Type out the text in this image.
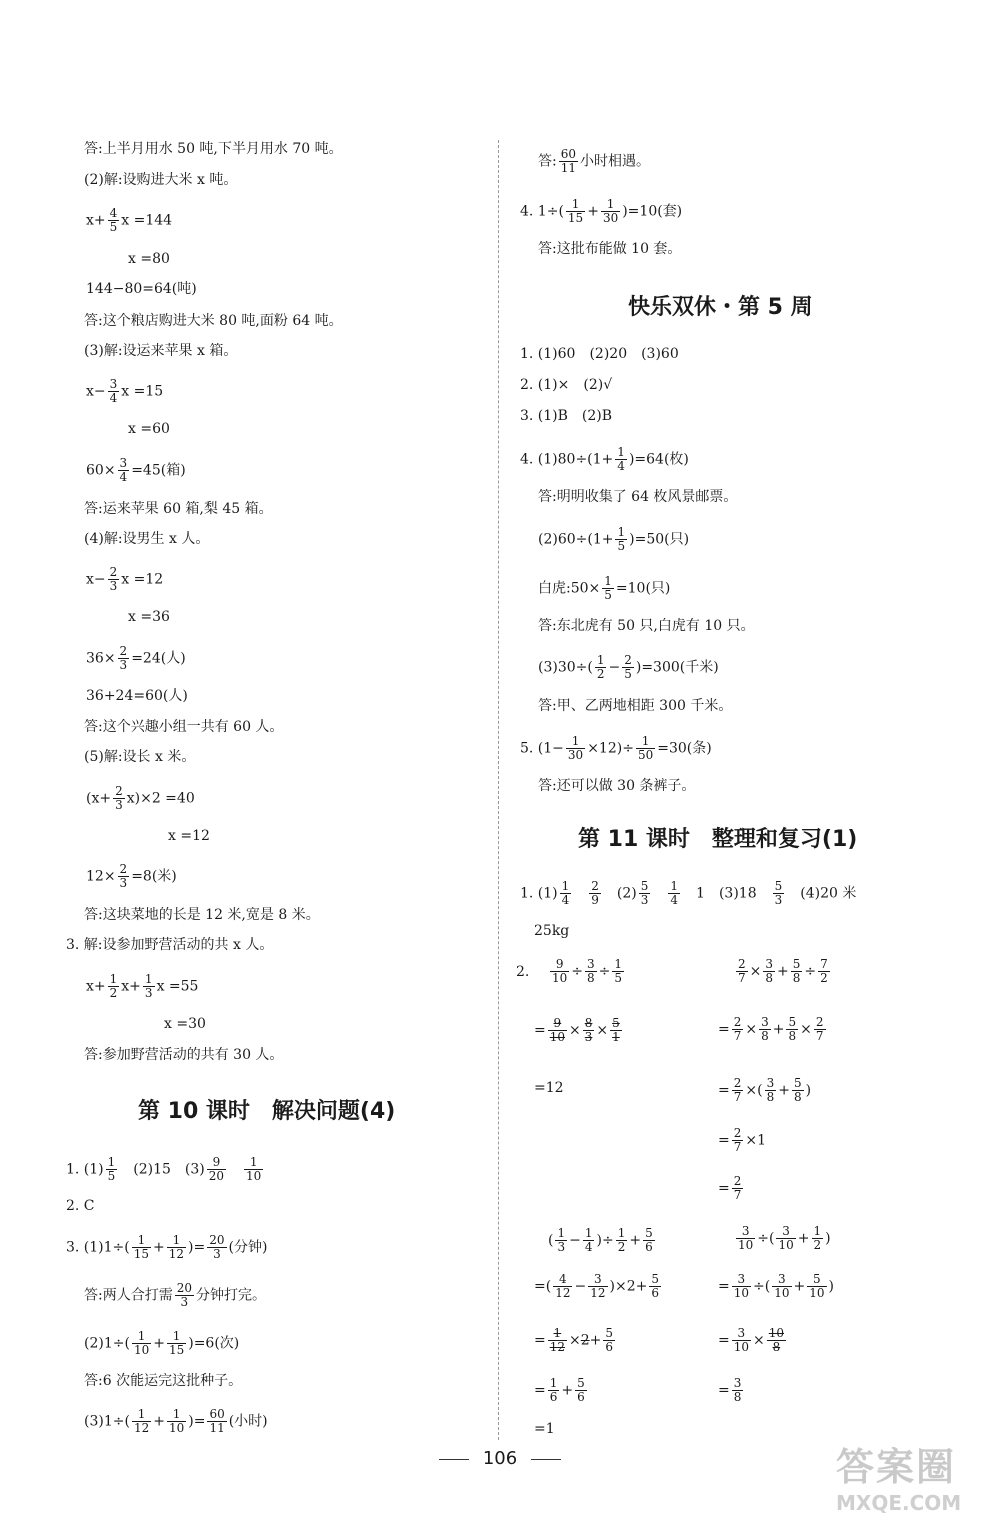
答:上半月用水 50 吨,下半月用水 70 吨。
(2)解:设购进大米 x 吨。
$x+ \frac{4}{5}$ x =144
x =80
144−80=64(吨)
答:这个粮店购进大米 80 吨,面粉 64 吨。
(3)解:设运来苹果 x 箱。
$x- \frac{3}{4}$ x =15
x =60
$60\times \frac{3}{4} =45$(箱)
答:运来苹果 60 箱,梨 45 箱。
(4)解:设男生 x 人。
$x- \frac{2}{3}$ x =12
x =36
$36\times \frac{2}{3} =24$(人)
36+24=60(人)
答:这个兴趣小组一共有 60 人。
(5)解:设长 x 米。
$(x+ \frac{2}{3} x)\times 2 =40$
x =12
$12\times \frac{2}{3} =8$(米)
答:这块菜地的长是 12 米,宽是 8 米。
3. 解:设参加野营活动的共 x 人。
$x+ \frac{1}{2} x+ \frac{1}{3}$ x =55
x =30
答:参加野营活动的共有 30 人。
第 10 课时　解决问题(4)
1. $(1) \frac{1}{5}$
　 (2)15　$(3) \frac{9}{20}$
　 $\frac{1}{10}$
2. C
3. $(1)1\div( \frac{1}{15} + \frac{1}{12}$ )= $\frac{20}{3}$ (分钟)
答:两人合打需 $\frac{20}{3}$ 分钟打完。
$(2)1\div( \frac{1}{10} + \frac{1}{15} )=6$(次)
答:6 次能运完这批种子。
$(3)1\div( \frac{1}{12} + \frac{1}{10}$ )= $\frac{60}{11}$ (小时)
答: $\frac{60}{11}$ 小时相遇。
4. $1\div( \frac{1}{15} + \frac{1}{30} )=10$(套)
答:这批布能做 10 套。
快乐双休・第 5 周
1. (1)60　(2)20　(3)60
2. (1)×　(2)√
3. (1)B　(2)B
4. $(1)80\div(1+ \frac{1}{4} )=64$(枚)
答:明明收集了 64 枚风景邮票。
$(2)60\div(1+ \frac{1}{5} )=50$(只)
白虎:50× $\frac{1}{5} =10$(只)
答:东北虎有 50 只,白虎有 10 只。
$(3)30\div( \frac{1}{2} - \frac{2}{5} )=300$(千米)
答:甲、乙两地相距 300 千米。
5. $(1- \frac{1}{30} \times 12)\div \frac{1}{50} =30$(条)
答:还可以做 30 条裤子。
第 11 课时　整理和复习(1)
1. $(1) \frac{1}{4}$
　 $\frac{2}{9}$
　 $(2) \frac{5}{3}$
　 $\frac{1}{4}$
　 1　(3)18　 $\frac{5}{3}$
　 (4)20 米
25kg
2. $\frac{9}{10} \div \frac{3}{8} \div \frac{1}{5}$
= $\frac{9}{10} \times \frac{8}{3} \times \frac{5}{1}$
=12
$\frac{2}{7} \times \frac{3}{8} + \frac{5}{8} \div \frac{7}{2}$
= $\frac{2}{7} \times \frac{3}{8} + \frac{5}{8} \times \frac{2}{7}$
= $\frac{2}{7}$ ×( $\frac{3}{8} + \frac{5}{8}$ )
= $\frac{2}{7} \times 1$
= $\frac{2}{7}$
( $\frac{1}{3} - \frac{1}{4}$ )÷ $\frac{1}{2} + \frac{5}{6}$
=( $\frac{4}{12} - \frac{3}{12} )\times 2+ \frac{5}{6}$
= $\frac{1}{12} \times 2+ \frac{5}{6}$
= $\frac{1}{6} + \frac{5}{6}$
=1
$\frac{3}{10}$ ÷( $\frac{3}{10} + \frac{1}{2}$ )
= $\frac{3}{10}$ ÷( $\frac{3}{10} + \frac{5}{10}$ )
= $\frac{3}{10} \times \frac{10}{8}$
= $\frac{3}{8}$
106	答案圈
MXQE.COM
